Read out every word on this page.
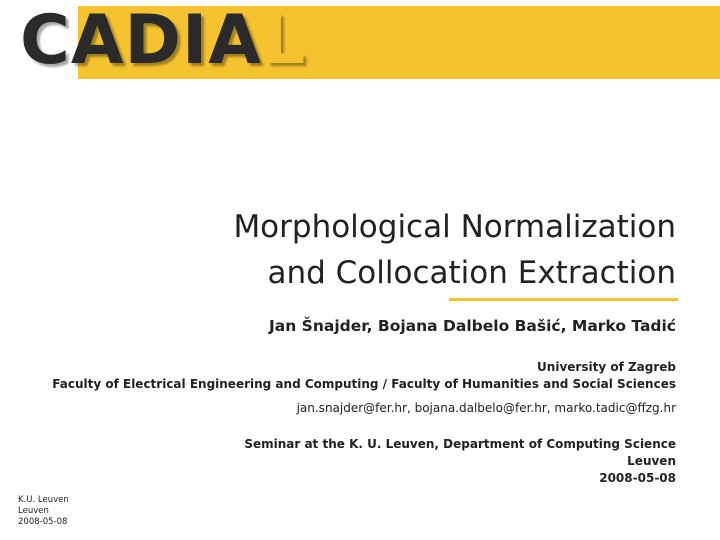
CADIAL
Morphological Normalization
and Collocation Extraction
Jan Šnajder, Bojana Dalbelo Bašić, Marko Tadić
University of Zagreb
Faculty of Electrical Engineering and Computing / Faculty of Humanities and Social Sciences
jan.snajder@fer.hr, bojana.dalbelo@fer.hr, marko.tadic@ffzg.hr
Seminar at the K. U. Leuven, Department of Computing Science
Leuven
2008-05-08
K.U. Leuven
Leuven
2008-05-08
